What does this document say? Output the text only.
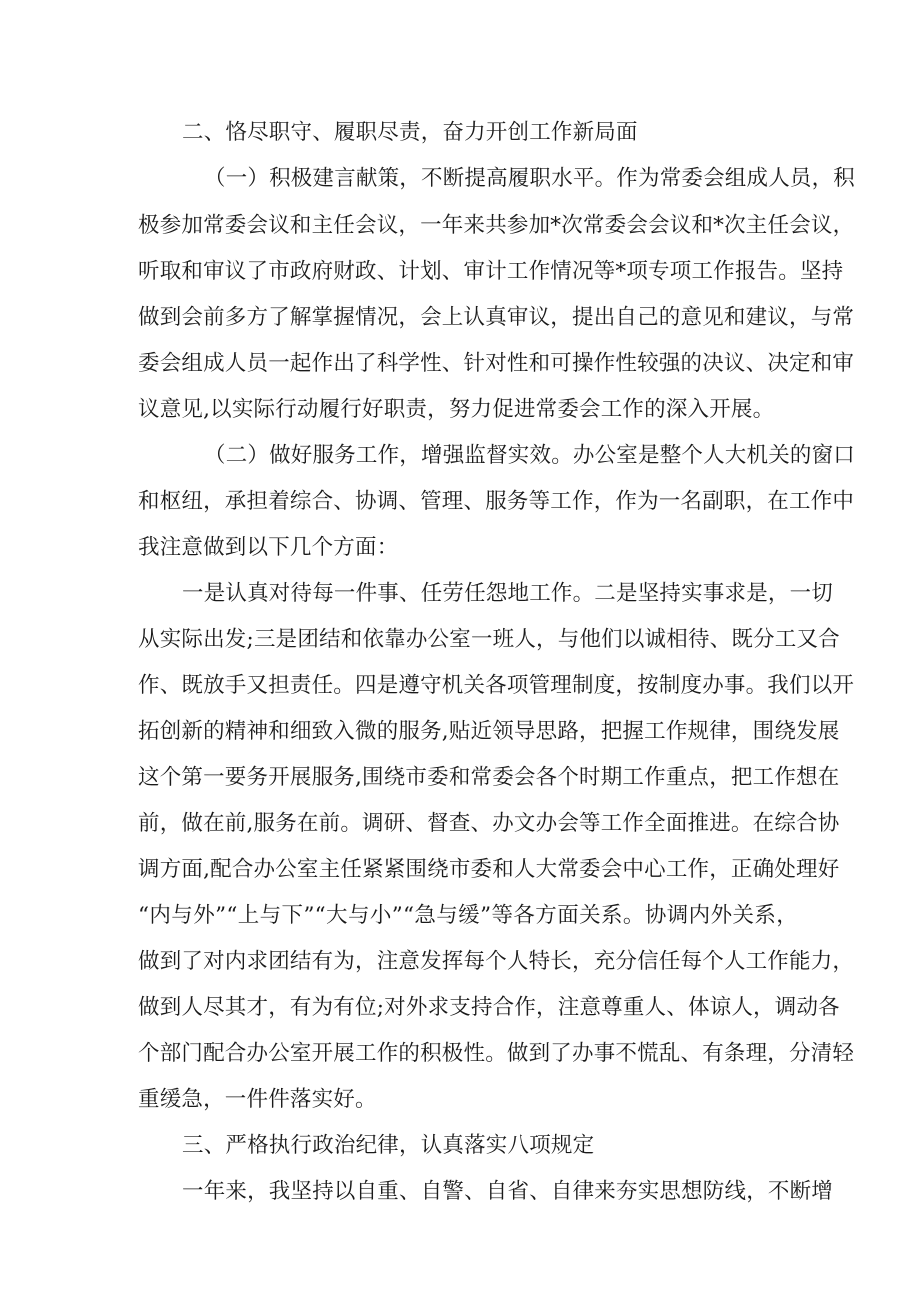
二、恪尽职守、履职尽责，奋力开创工作新局面
（一）积极建言献策，不断提高履职水平。作为常委会组成人员，积
极参加常委会议和主任会议，一年来共参加*次常委会会议和*次主任会议，
听取和审议了市政府财政、计划、审计工作情况等*项专项工作报告。坚持
做到会前多方了解掌握情况，会上认真审议，提出自己的意见和建议，与常
委会组成人员一起作出了科学性、针对性和可操作性较强的决议、决定和审
议意见,以实际行动履行好职责，努力促进常委会工作的深入开展。
（二）做好服务工作，增强监督实效。办公室是整个人大机关的窗口
和枢纽，承担着综合、协调、管理、服务等工作，作为一名副职，在工作中
我注意做到以下几个方面：
一是认真对待每一件事、任劳任怨地工作。二是坚持实事求是，一切
从实际出发;三是团结和依靠办公室一班人，与他们以诚相待、既分工又合
作、既放手又担责任。四是遵守机关各项管理制度，按制度办事。我们以开
拓创新的精神和细致入微的服务,贴近领导思路，把握工作规律，围绕发展
这个第一要务开展服务,围绕市委和常委会各个时期工作重点，把工作想在
前，做在前,服务在前。调研、督查、办文办会等工作全面推进。在综合协
调方面,配合办公室主任紧紧围绕市委和人大常委会中心工作，正确处理好
“内与外”“上与下”“大与小”“急与缓”等各方面关系。协调内外关系，
做到了对内求团结有为，注意发挥每个人特长，充分信任每个人工作能力，
做到人尽其才，有为有位;对外求支持合作，注意尊重人、体谅人，调动各
个部门配合办公室开展工作的积极性。做到了办事不慌乱、有条理，分清轻
重缓急，一件件落实好。
三、严格执行政治纪律，认真落实八项规定
一年来，我坚持以自重、自警、自省、自律来夯实思想防线，不断增
